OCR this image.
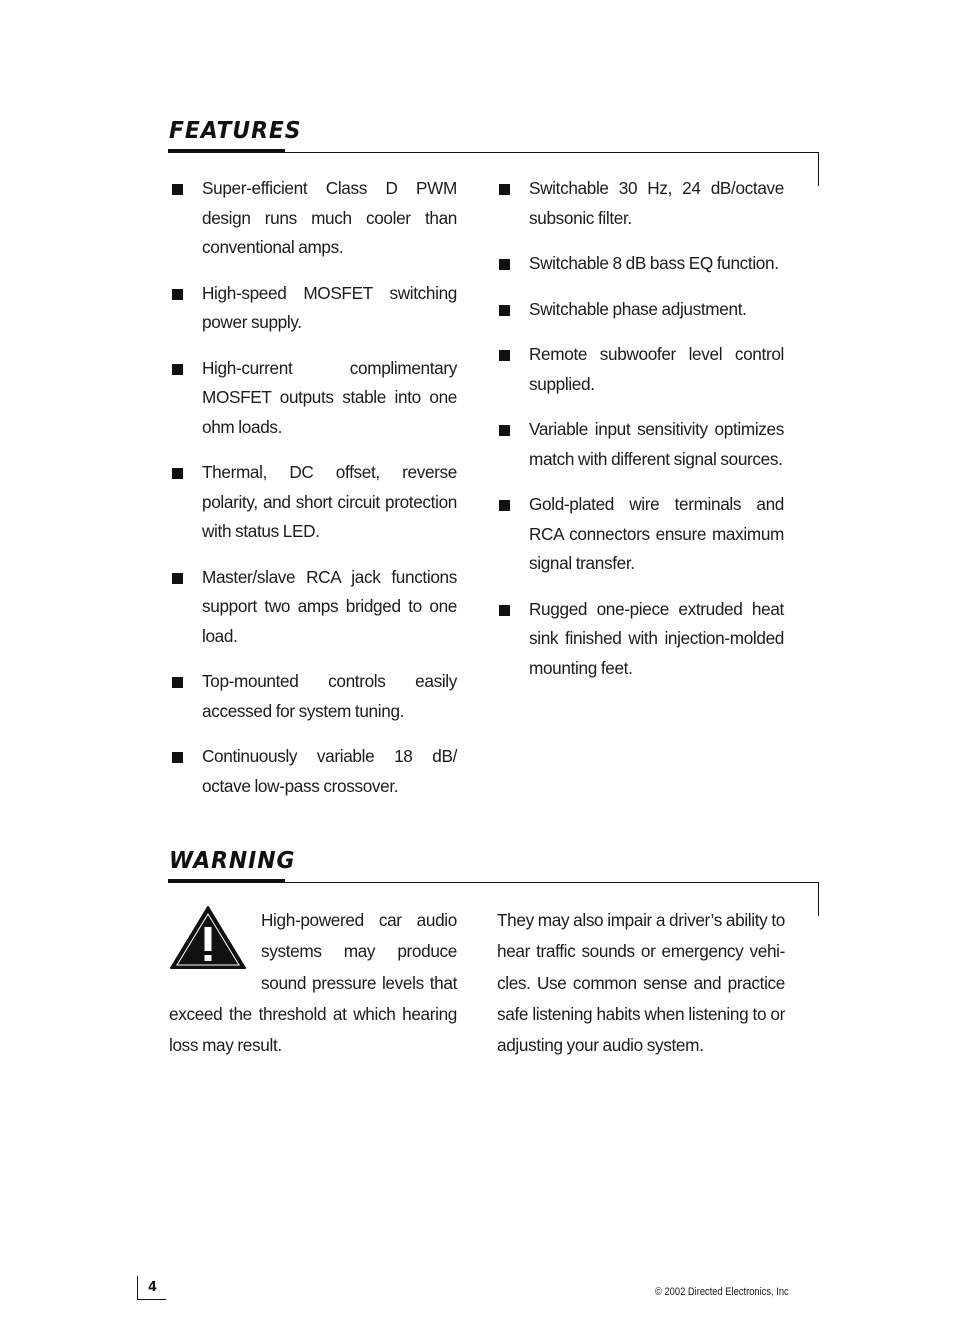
FEATURES
Super-efficient Class D PWM design runs much cooler than conventional amps.
High-speed MOSFET switching power supply.
High-current complimentary MOSFET outputs stable into one ohm loads.
Thermal, DC offset, reverse polarity, and short circuit protection with status LED.
Master/slave RCA jack functions support two amps bridged to one load.
Top-mounted controls easily accessed for system tuning.
Continuously variable 18 dB/ octave low-pass crossover.
Switchable 30 Hz, 24 dB/octave subsonic filter.
Switchable 8 dB bass EQ function.
Switchable phase adjustment.
Remote subwoofer level control supplied.
Variable input sensitivity optimizes match with different signal sources.
Gold-plated wire terminals and RCA connectors ensure maximum signal transfer.
Rugged one-piece extruded heat sink finished with injection-molded mounting feet.
WARNING
High-powered car audio systems may produce sound pressure levels that exceed the threshold at which hearing loss may result.
They may also impair a driver’s ability to hear traffic sounds or emergency vehi- cles. Use common sense and practice safe listening habits when listening to or adjusting your audio system.
4	© 2002 Directed Electronics, Inc
